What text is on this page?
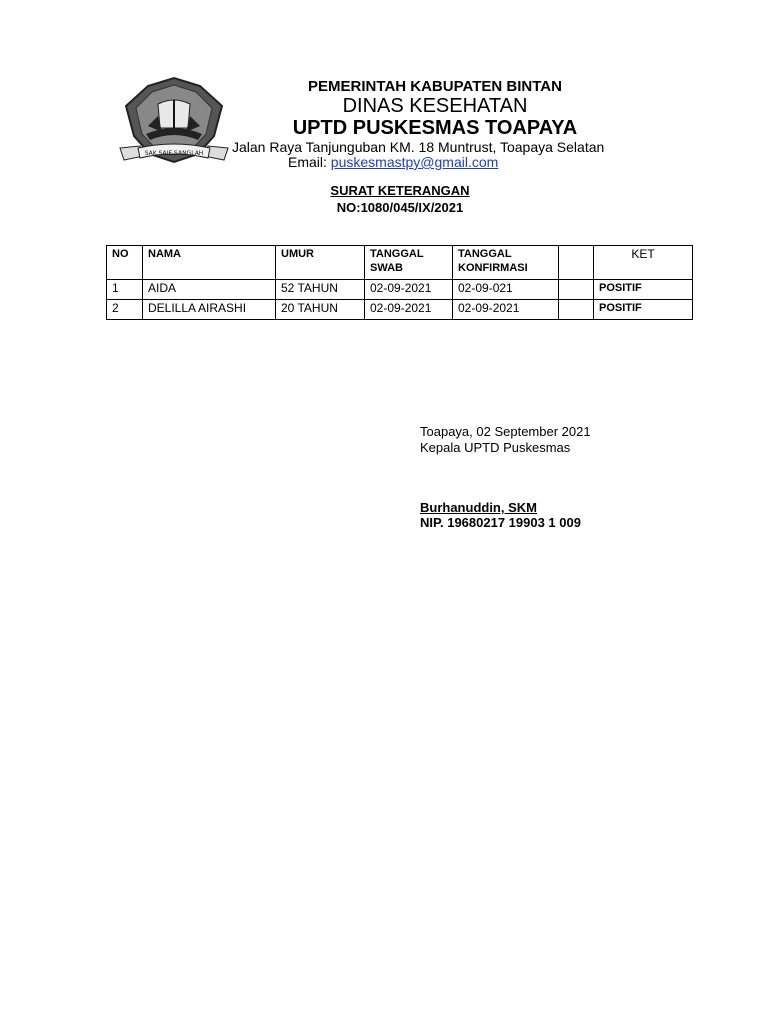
SAK SAIE SANGLAH
PEMERINTAH KABUPATEN BINTAN
DINAS KESEHATAN
UPTD PUSKESMAS TOAPAYA
Jalan Raya Tanjunguban KM. 18 Muntrust, Toapaya Selatan
Email: puskesmastpy@gmail.com
SURAT KETERANGAN
NO:1080/045/IX/2021
NO	NAMA	UMUR	TANGGAL SWAB	TANGGAL KONFIRMASI		KET
1	AIDA	52 TAHUN	02-09-2021	02-09-021		POSITIF
2	DELILLA AIRASHI	20 TAHUN	02-09-2021	02-09-2021		POSITIF
Toapaya, 02 September 2021
Kepala UPTD Puskesmas
Burhanuddin, SKM
NIP. 19680217 19903 1 009
